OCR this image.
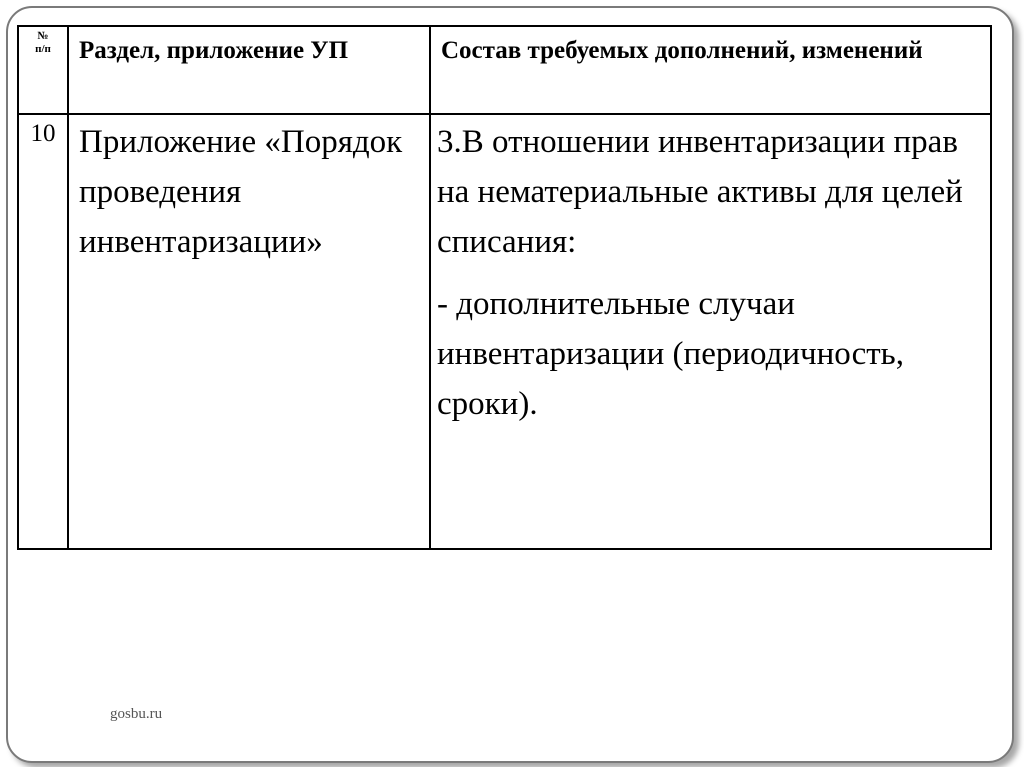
№
п/п	Раздел, приложение УП	Состав требуемых дополнений, изменений
10	Приложение «Порядок проведения инвентаризации»	3.В отношении инвентаризации прав на нематериальные активы для целей списания:

- дополнительные случаи инвентаризации (периодичность, сроки).

gosbu.ru
